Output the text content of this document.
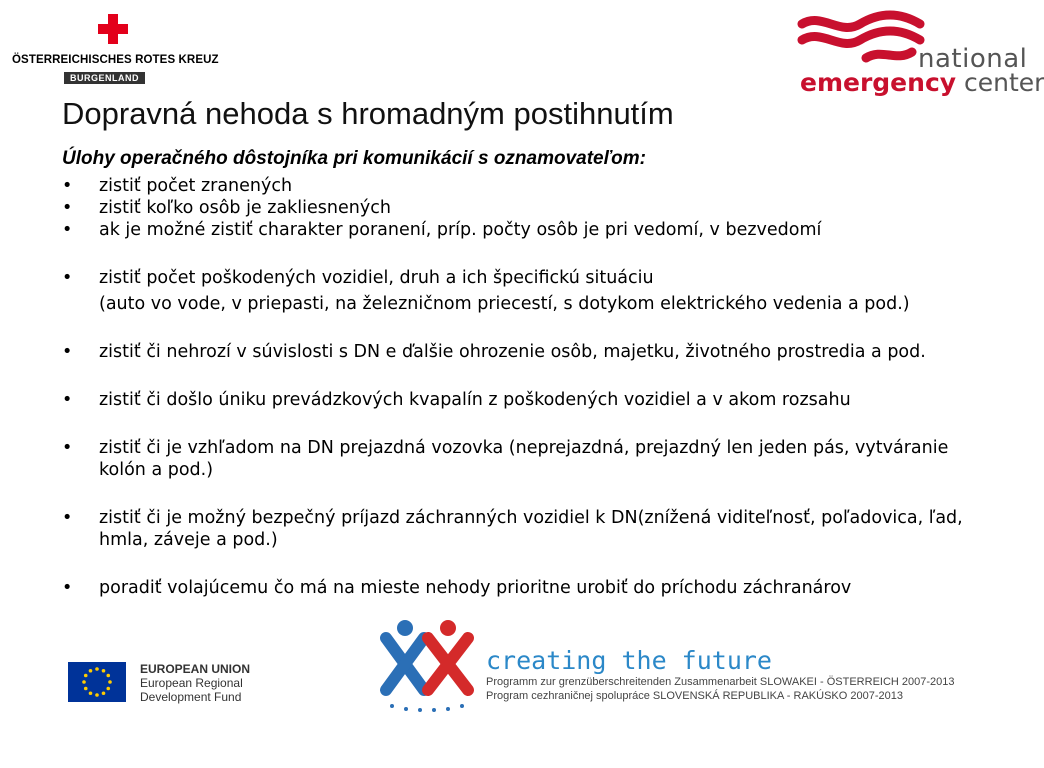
ÖSTERREICHISCHES ROTES KREUZ
BURGENLAND
national
emergency center
Dopravná nehoda s hromadným postihnutím
Úlohy operačného dôstojníka pri komunikácií s oznamovateľom:
• zistiť počet zranených
• zistiť koľko osôb je zakliesnených
• ak je možné zistiť charakter poranení, príp. počty osôb je pri vedomí, v bezvedomí
• zistiť počet poškodených vozidiel, druh a ich špecifickú situáciu
(auto vo vode, v priepasti, na železničnom priecestí, s dotykom elektrického vedenia a pod.)
• zistiť či nehrozí v súvislosti s DN e ďalšie ohrozenie osôb, majetku, životného prostredia a pod.
• zistiť či došlo úniku prevádzkových kvapalín z poškodených vozidiel a v akom rozsahu
• zistiť či je vzhľadom na DN prejazdná vozovka (neprejazdná, prejazdný len jeden pás, vytváranie kolón a pod.)
• zistiť či je možný bezpečný príjazd záchranných vozidiel k DN(znížená viditeľnosť, poľadovica, ľad, hmla, záveje a pod.)
• poradiť volajúcemu čo má na mieste nehody prioritne urobiť do príchodu záchranárov
EUROPEAN UNION
European Regional
Development Fund
creating the future
Programm zur grenzüberschreitenden Zusammenarbeit SLOWAKEI - ÖSTERREICH 2007-2013
Program cezhraničnej spolupráce SLOVENSKÁ REPUBLIKA - RAKÚSKO 2007-2013
